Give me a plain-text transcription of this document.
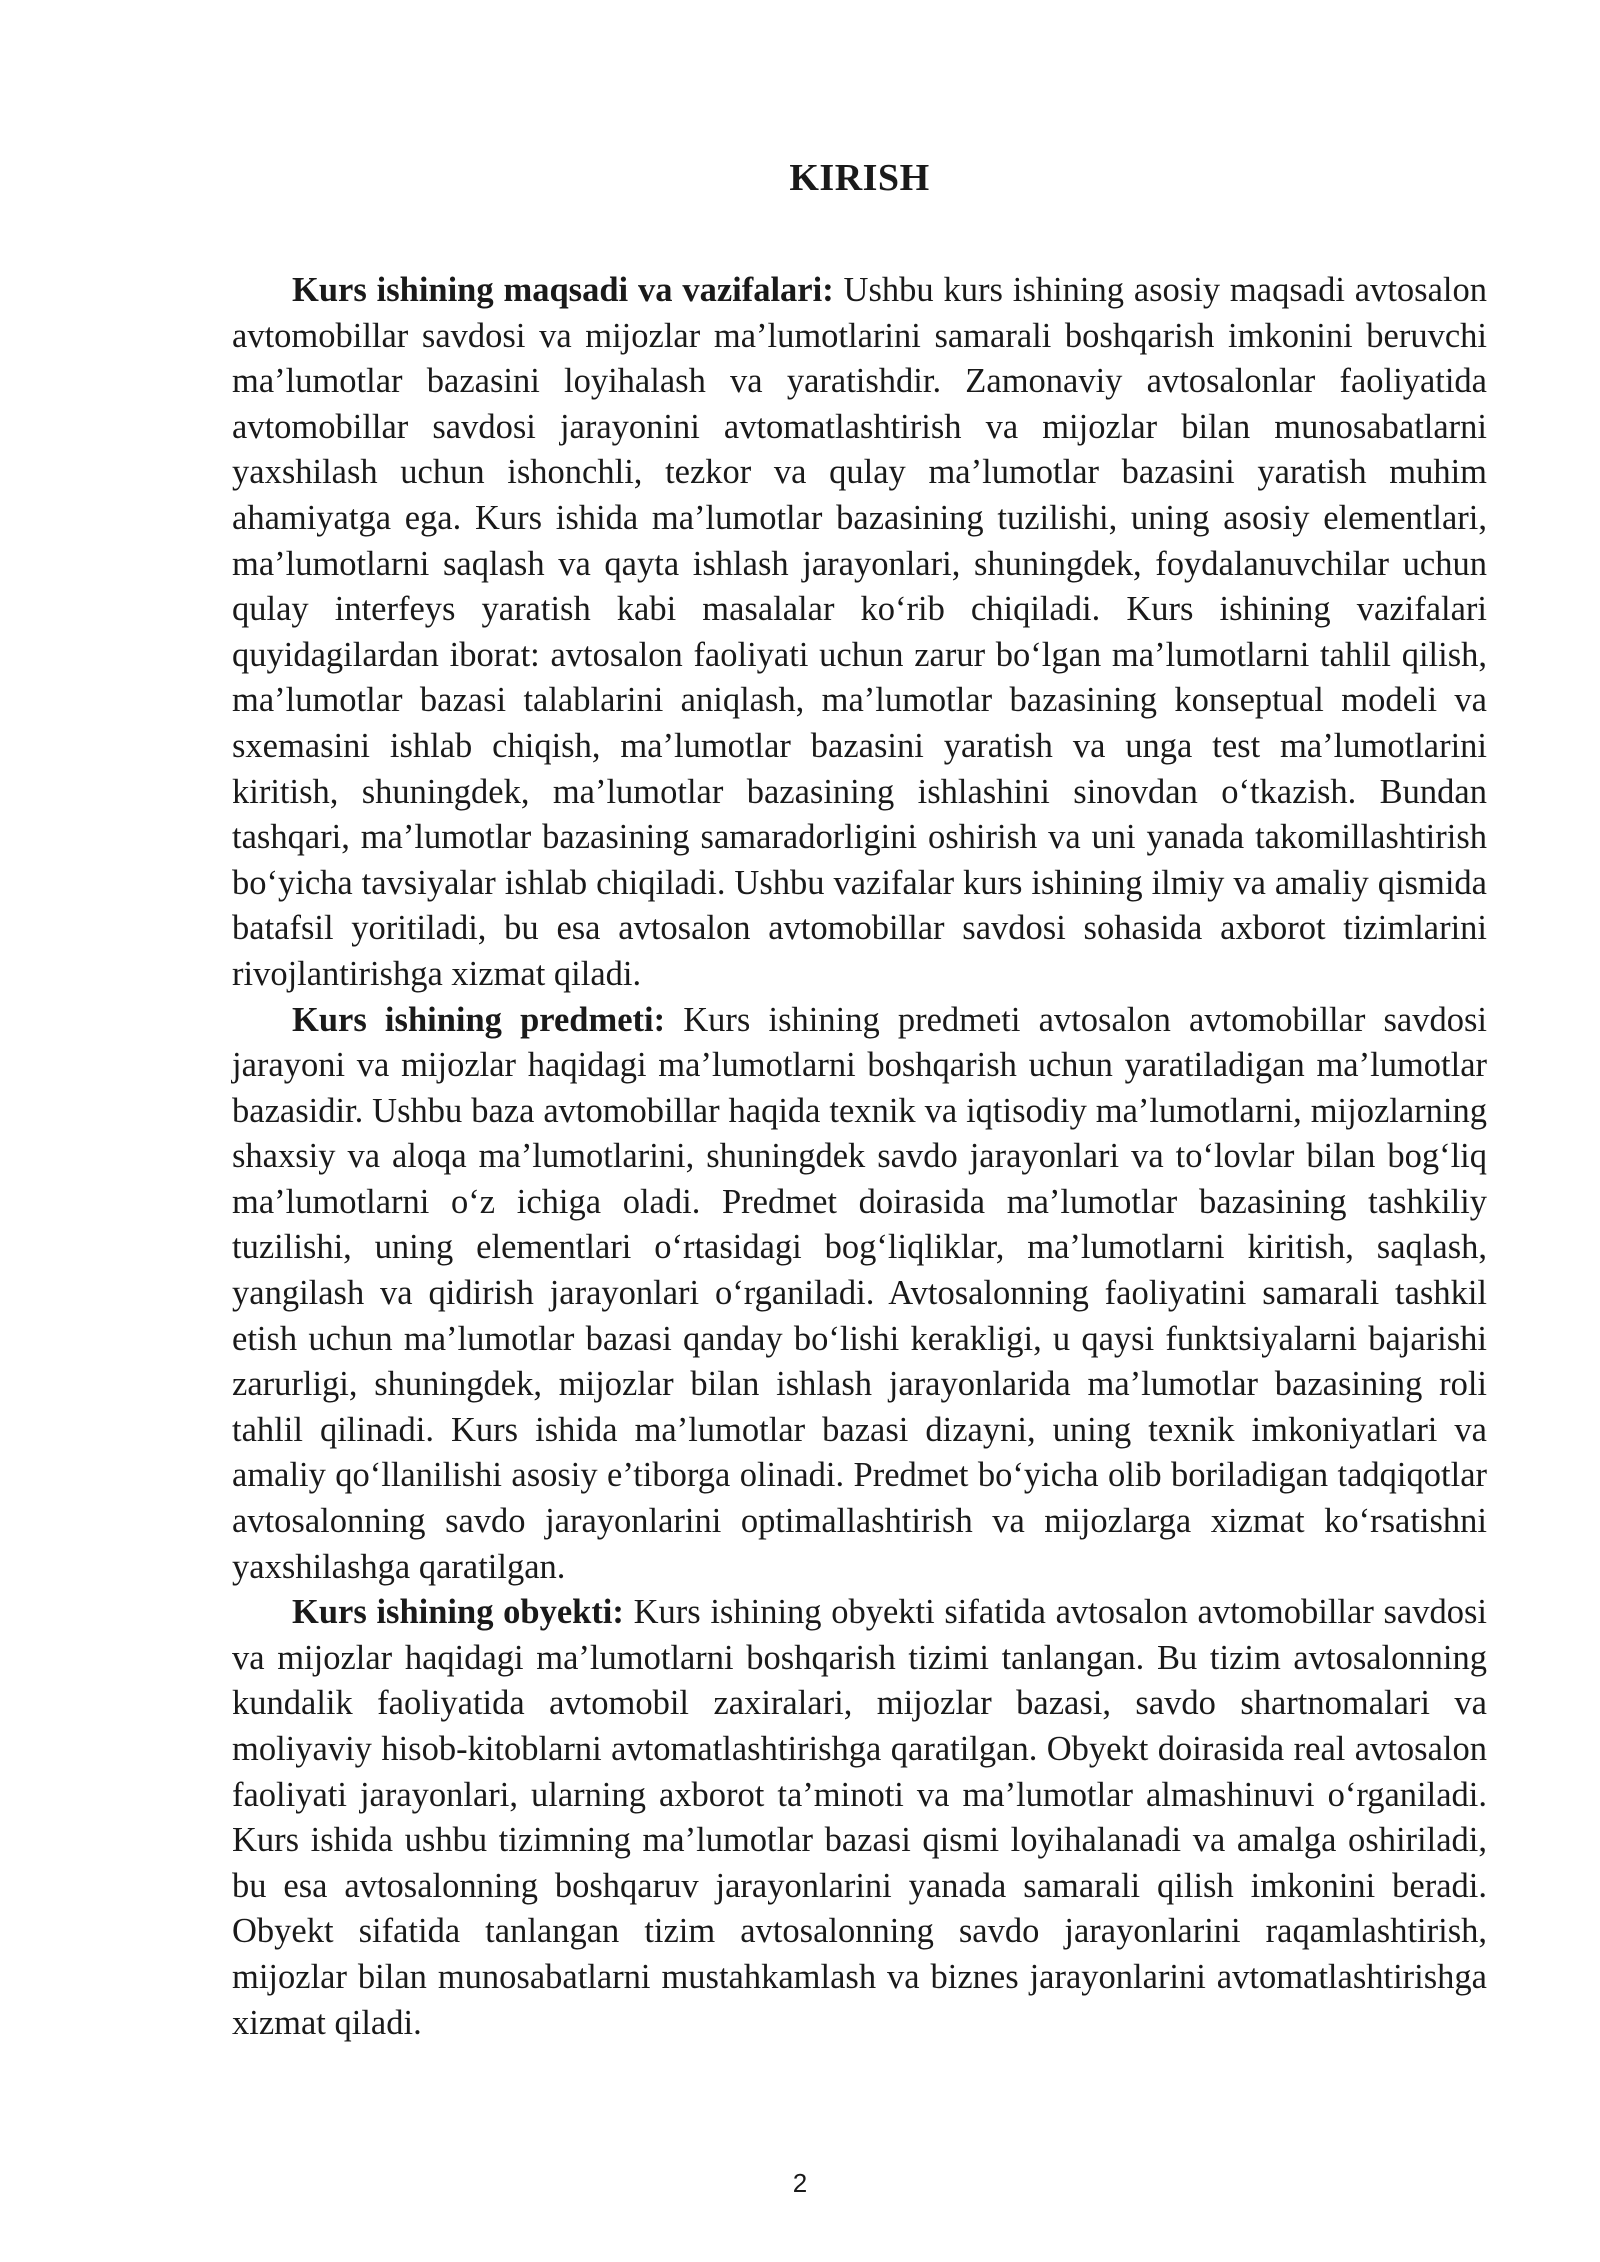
KIRISH

Kurs ishining maqsadi va vazifalari: Ushbu kurs ishining asosiy maqsadi avtosalon avtomobillar savdosi va mijozlar ma’lumotlarini samarali boshqarish imkonini beruvchi ma’lumotlar bazasini loyihalash va yaratishdir. Zamonaviy avtosalonlar faoliyatida avtomobillar savdosi jarayonini avtomatlashtirish va mijozlar bilan munosabatlarni yaxshilash uchun ishonchli, tezkor va qulay ma’lumotlar bazasini yaratish muhim ahamiyatga ega. Kurs ishida ma’lumotlar bazasining tuzilishi, uning asosiy elementlari, ma’lumotlarni saqlash va qayta ishlash jarayonlari, shuningdek, foydalanuvchilar uchun qulay interfeys yaratish kabi masalalar ko‘rib chiqiladi. Kurs ishining vazifalari quyidagilardan iborat: avtosalon faoliyati uchun zarur bo‘lgan ma’lumotlarni tahlil qilish, ma’lumotlar bazasi talablarini aniqlash, ma’lumotlar bazasining konseptual modeli va sxemasini ishlab chiqish, ma’lumotlar bazasini yaratish va unga test ma’lumotlarini kiritish, shuningdek, ma’lumotlar bazasining ishlashini sinovdan o‘tkazish. Bundan tashqari, ma’lumotlar bazasining samaradorligini oshirish va uni yanada takomillashtirish bo‘yicha tavsiyalar ishlab chiqiladi. Ushbu vazifalar kurs ishining ilmiy va amaliy qismida batafsil yoritiladi, bu esa avtosalon avtomobillar savdosi sohasida axborot tizimlarini rivojlantirishga xizmat qiladi.

Kurs ishining predmeti: Kurs ishining predmeti avtosalon avtomobillar savdosi jarayoni va mijozlar haqidagi ma’lumotlarni boshqarish uchun yaratiladigan ma’lumotlar bazasidir. Ushbu baza avtomobillar haqida texnik va iqtisodiy ma’lumotlarni, mijozlarning shaxsiy va aloqa ma’lumotlarini, shuningdek savdo jarayonlari va to‘lovlar bilan bog‘liq ma’lumotlarni o‘z ichiga oladi. Predmet doirasida ma’lumotlar bazasining tashkiliy tuzilishi, uning elementlari o‘rtasidagi bog‘liqliklar, ma’lumotlarni kiritish, saqlash, yangilash va qidirish jarayonlari o‘rganiladi. Avtosalonning faoliyatini samarali tashkil etish uchun ma’lumotlar bazasi qanday bo‘lishi kerakligi, u qaysi funktsiyalarni bajarishi zarurligi, shuningdek, mijozlar bilan ishlash jarayonlarida ma’lumotlar bazasining roli tahlil qilinadi. Kurs ishida ma’lumotlar bazasi dizayni, uning texnik imkoniyatlari va amaliy qo‘llanilishi asosiy e’tiborga olinadi. Predmet bo‘yicha olib boriladigan tadqiqotlar avtosalonning savdo jarayonlarini optimallashtirish va mijozlarga xizmat ko‘rsatishni yaxshilashga qaratilgan.

Kurs ishining obyekti: Kurs ishining obyekti sifatida avtosalon avtomobillar savdosi va mijozlar haqidagi ma’lumotlarni boshqarish tizimi tanlangan. Bu tizim avtosalonning kundalik faoliyatida avtomobil zaxiralari, mijozlar bazasi, savdo shartnomalari va moliyaviy hisob-kitoblarni avtomatlashtirishga qaratilgan. Obyekt doirasida real avtosalon faoliyati jarayonlari, ularning axborot ta’minoti va ma’lumotlar almashinuvi o‘rganiladi. Kurs ishida ushbu tizimning ma’lumotlar bazasi qismi loyihalanadi va amalga oshiriladi, bu esa avtosalonning boshqaruv jarayonlarini yanada samarali qilish imkonini beradi. Obyekt sifatida tanlangan tizim avtosalonning savdo jarayonlarini raqamlashtirish, mijozlar bilan munosabatlarni mustahkamlash va biznes jarayonlarini avtomatlashtirishga xizmat qiladi.

2
